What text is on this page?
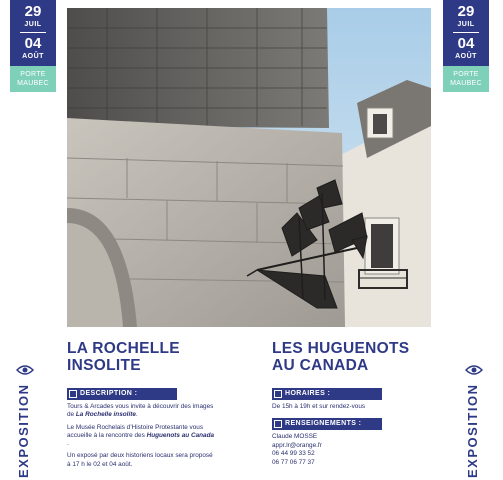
29
JUIL
04
AOÛT
PORTE
MAUBEC
29
JUIL
04
AOÛT
PORTE
MAUBEC
EXPOSITION	EXPOSITION
LA ROCHELLE
INSOLITE
DESCRIPTION :

Tours & Arcades vous invite à découvrir des images de La Rochelle insolite.

Le Musée Rochelais d’Histoire Protestante vous accueille à la rencontre des Huguenots au Canada .

Un exposé par deux historiens locaux sera proposé à 17 h le 02 et 04 août.

LES HUGUENOTS
AU CANADA
HORAIRES :
De 15h à 19h et sur rendez-vous
RENSEIGNEMENTS :
Claude MOSSE
appr.lr@orange.fr
06 44 99 33 52
06 77 06 77 37
